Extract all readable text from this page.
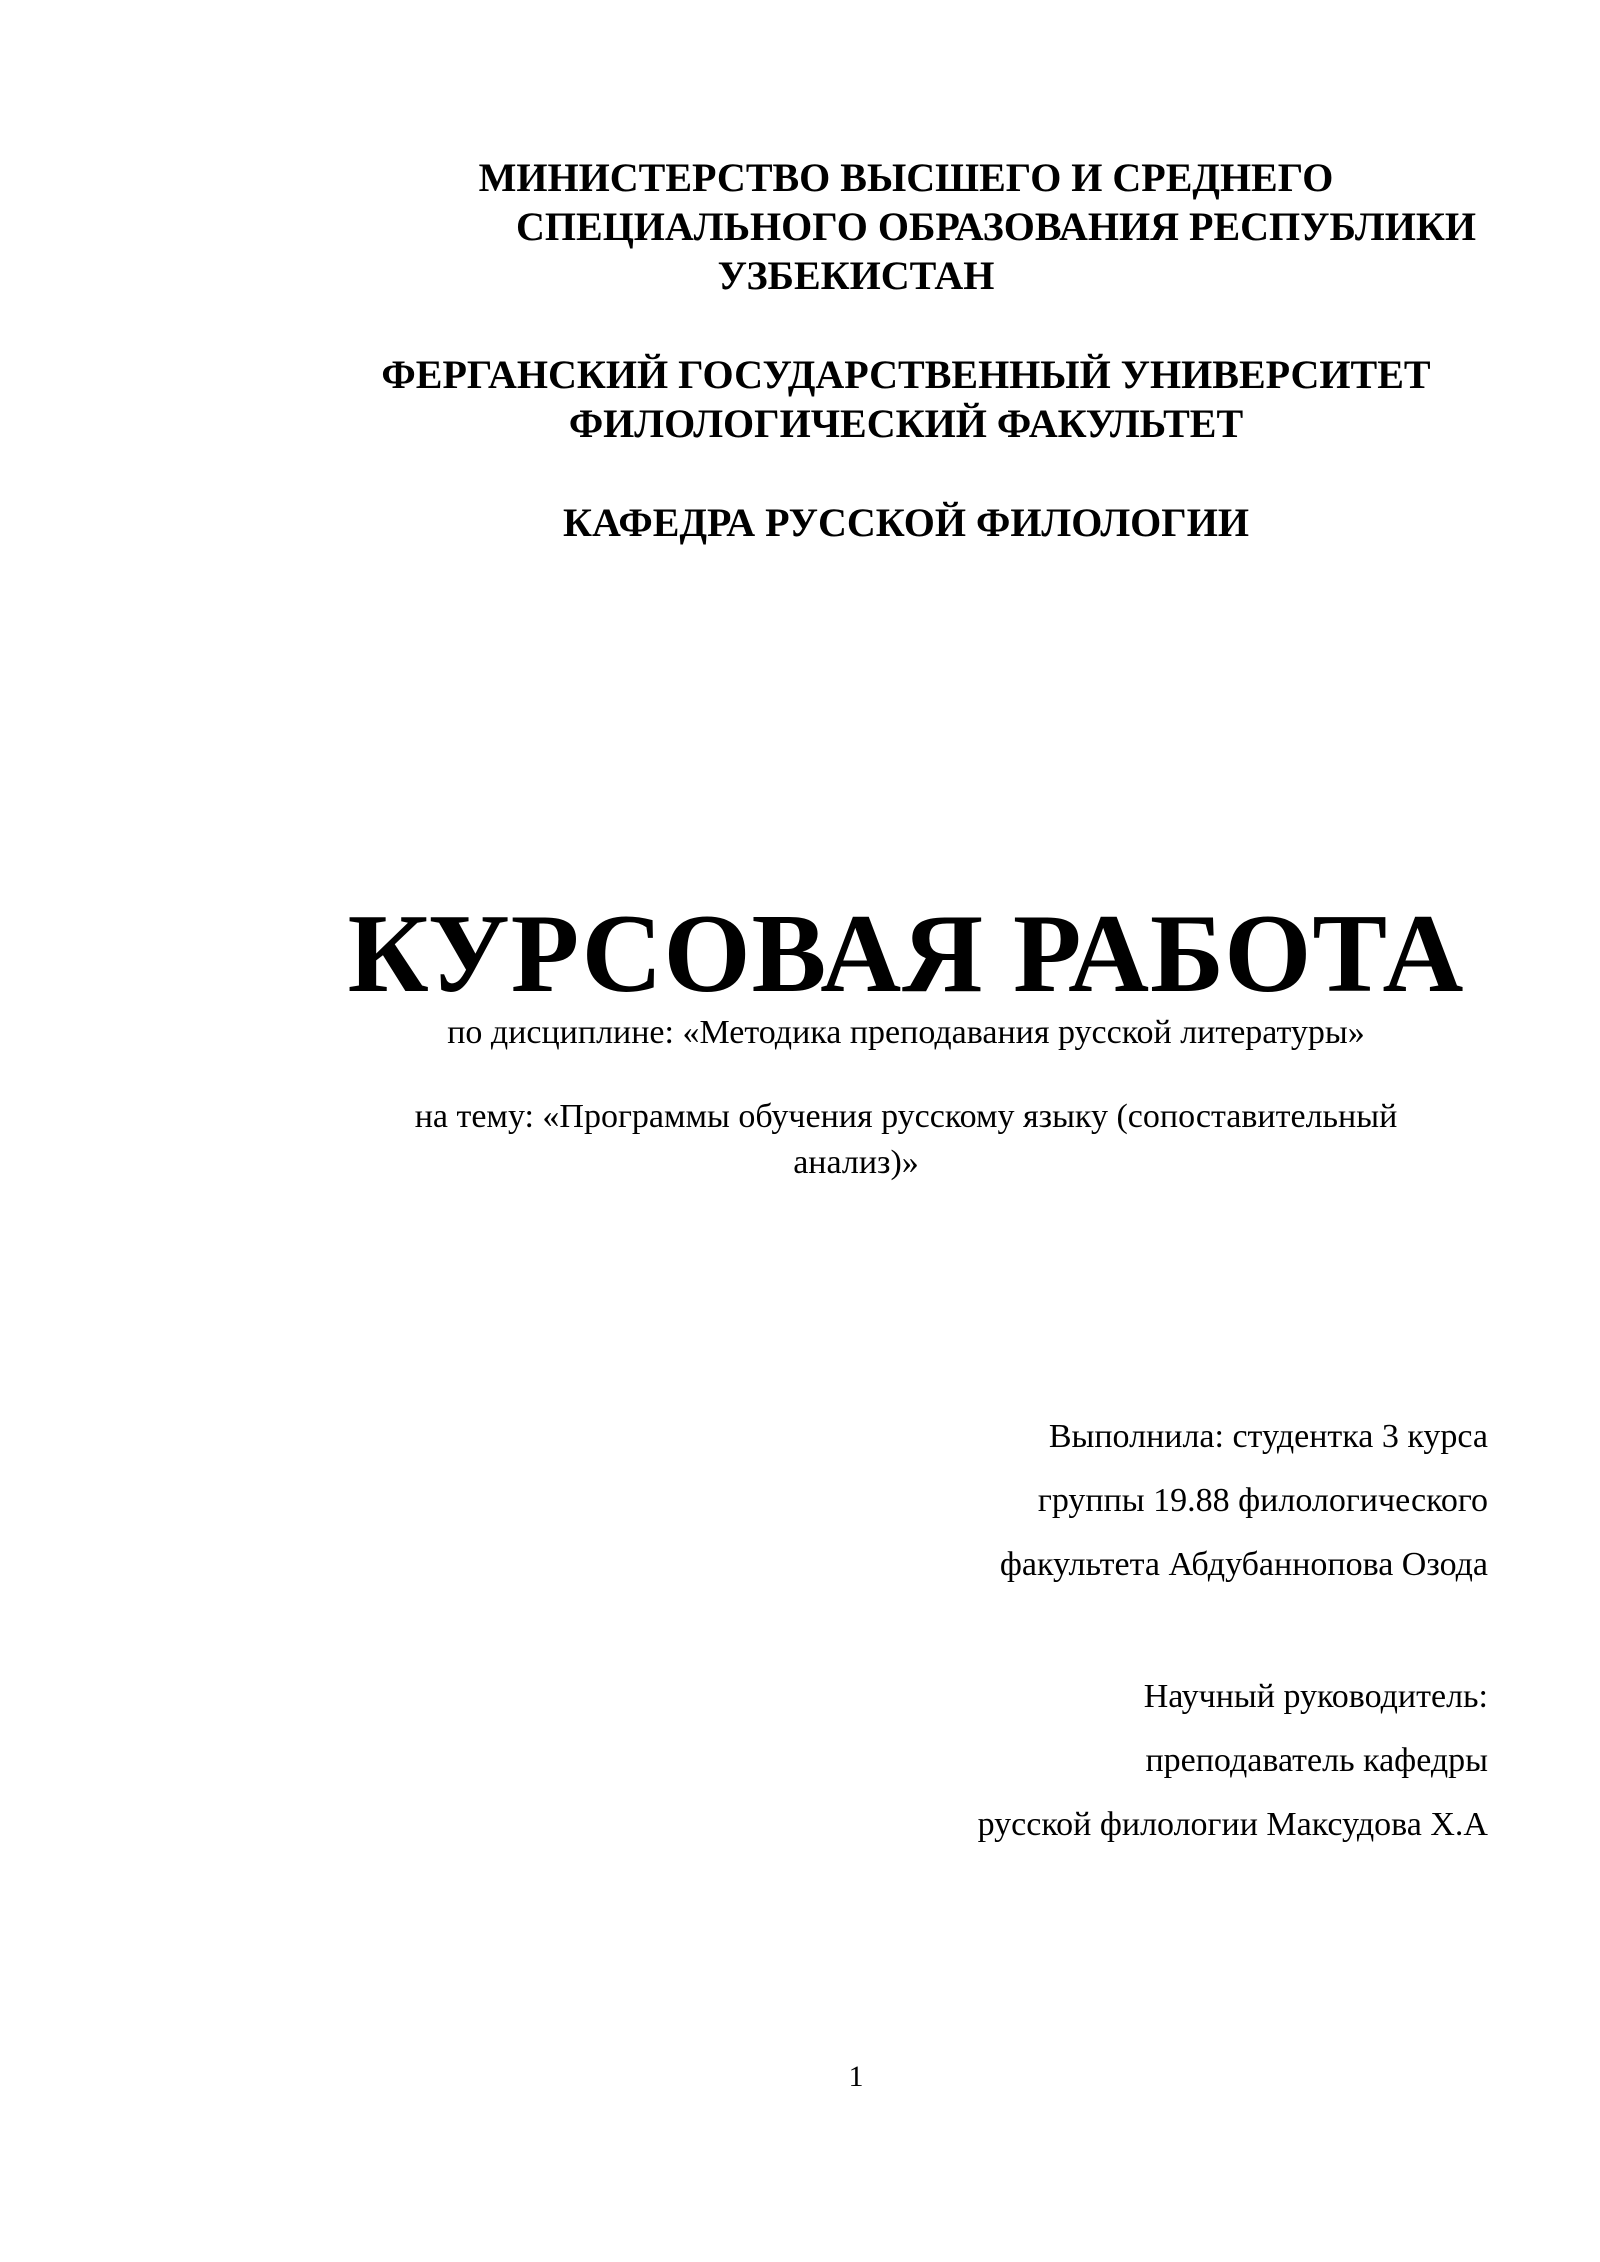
МИНИСТЕРСТВО ВЫСШЕГО И СРЕДНЕГО
СПЕЦИАЛЬНОГО ОБРАЗОВАНИЯ РЕСПУБЛИКИ
УЗБЕКИСТАН
ФЕРГАНСКИЙ ГОСУДАРСТВЕННЫЙ УНИВЕРСИТЕТ
ФИЛОЛОГИЧЕСКИЙ ФАКУЛЬТЕТ
КАФЕДРА РУССКОЙ ФИЛОЛОГИИ
КУРСОВАЯ РАБОТА
по дисциплине: «Методика преподавания русской литературы»
на тему: «Программы обучения русскому языку (сопоставительный
анализ)»
Выполнила: студентка 3 курса
группы 19.88 филологического
факультета Абдубаннопова Озода
Научный руководитель:
преподаватель кафедры
русской филологии Максудова Х.А
1
